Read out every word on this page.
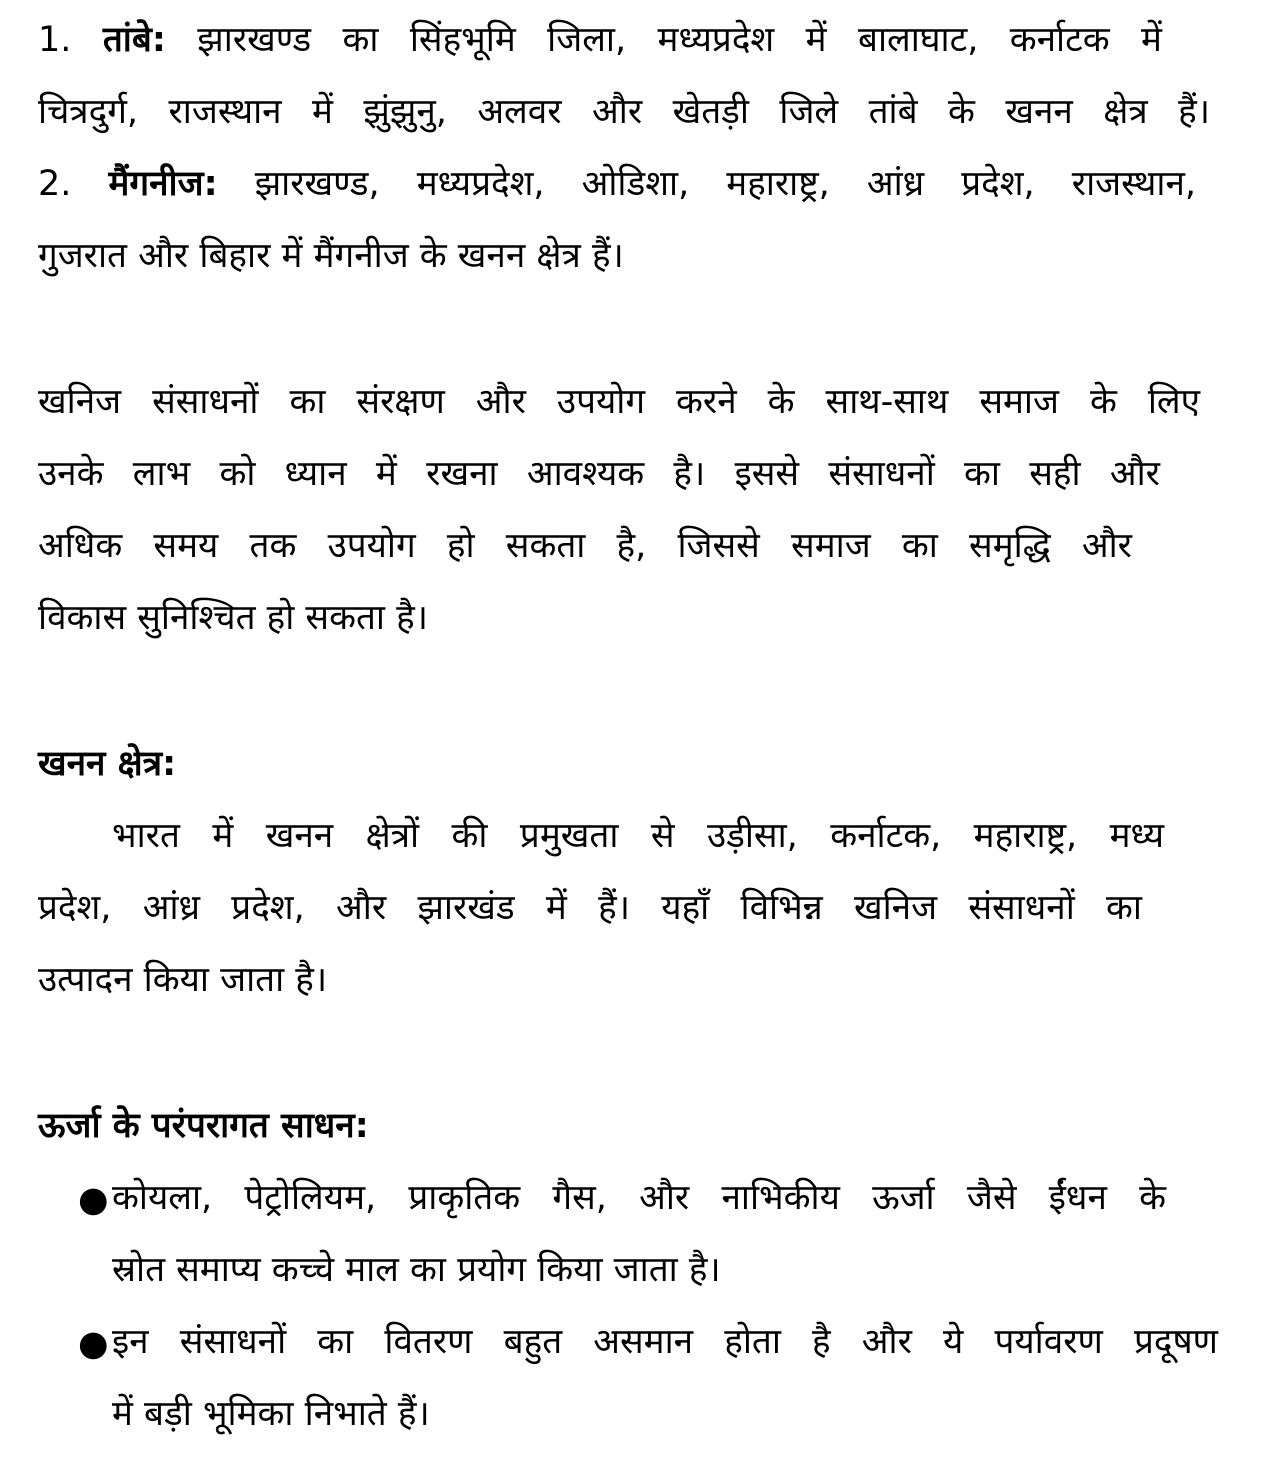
1. तांबे: झारखण्ड का सिंहभूमि जिला, मध्यप्रदेश में बालाघाट, कर्नाटक में
चित्रदुर्ग, राजस्थान में झुंझुनु, अलवर और खेतड़ी जिले तांबे के खनन क्षेत्र हैं।
2. मैंगनीज: झारखण्ड, मध्यप्रदेश, ओडिशा, महाराष्ट्र, आंध्र प्रदेश, राजस्थान,
गुजरात और बिहार में मैंगनीज के खनन क्षेत्र हैं।
खनिज संसाधनों का संरक्षण और उपयोग करने के साथ-साथ समाज के लिए
उनके लाभ को ध्यान में रखना आवश्यक है। इससे संसाधनों का सही और
अधिक समय तक उपयोग हो सकता है, जिससे समाज का समृद्धि और
विकास सुनिश्चित हो सकता है।
खनन क्षेत्र:
भारत में खनन क्षेत्रों की प्रमुखता से उड़ीसा, कर्नाटक, महाराष्ट्र, मध्य
प्रदेश, आंध्र प्रदेश, और झारखंड में हैं। यहाँ विभिन्न खनिज संसाधनों का
उत्पादन किया जाता है।
ऊर्जा के परंपरागत साधन:
● कोयला, पेट्रोलियम, प्राकृतिक गैस, और नाभिकीय ऊर्जा जैसे ईंधन के
स्रोत समाप्य कच्चे माल का प्रयोग किया जाता है।
● इन संसाधनों का वितरण बहुत असमान होता है और ये पर्यावरण प्रदूषण
में बड़ी भूमिका निभाते हैं।
